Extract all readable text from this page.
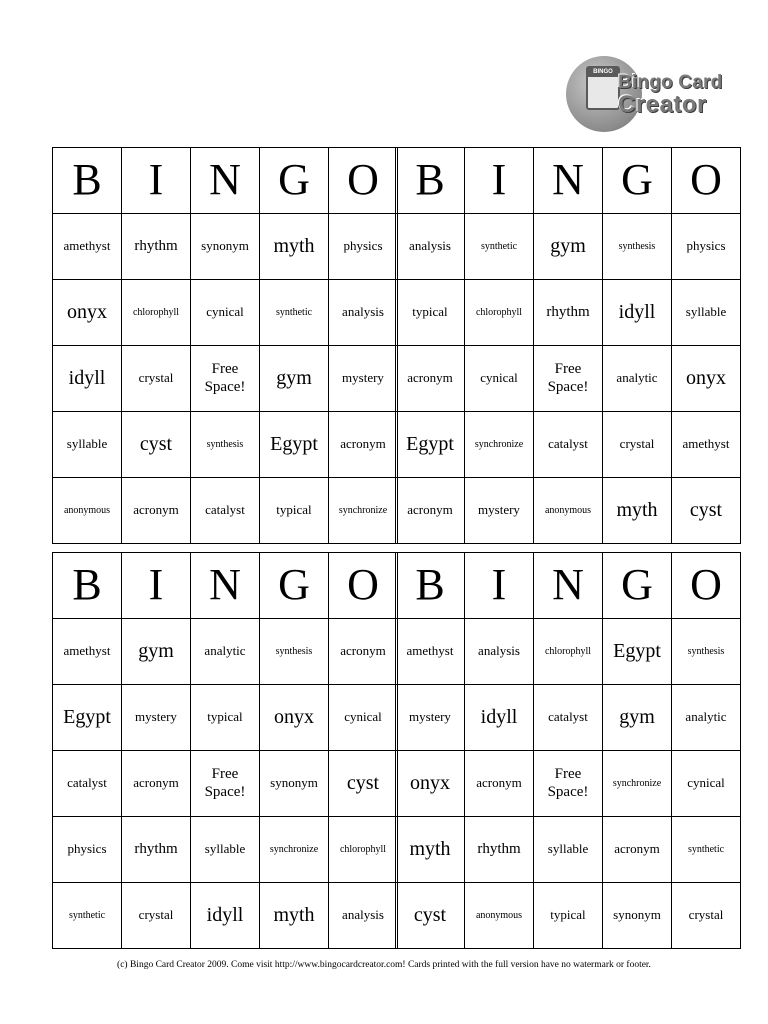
BINGO Bingo Card
Creator
B	I	N	G	O
amethyst	rhythm	synonym	myth	physics
onyx	chlorophyll	cynical	synthetic	analysis
idyll	crystal	Free Space!	gym	mystery
syllable	cyst	synthesis	Egypt	acronym
anonymous	acronym	catalyst	typical	synchronize
B	I	N	G	O
analysis	synthetic	gym	synthesis	physics
typical	chlorophyll	rhythm	idyll	syllable
acronym	cynical	Free Space!	analytic	onyx
Egypt	synchronize	catalyst	crystal	amethyst
acronym	mystery	anonymous	myth	cyst
B	I	N	G	O
amethyst	gym	analytic	synthesis	acronym
Egypt	mystery	typical	onyx	cynical
catalyst	acronym	Free Space!	synonym	cyst
physics	rhythm	syllable	synchronize	chlorophyll
synthetic	crystal	idyll	myth	analysis
B	I	N	G	O
amethyst	analysis	chlorophyll	Egypt	synthesis
mystery	idyll	catalyst	gym	analytic
onyx	acronym	Free Space!	synchronize	cynical
myth	rhythm	syllable	acronym	synthetic
cyst	anonymous	typical	synonym	crystal
(c) Bingo Card Creator 2009. Come visit http://www.bingocardcreator.com! Cards printed with the full version have no watermark or footer.
